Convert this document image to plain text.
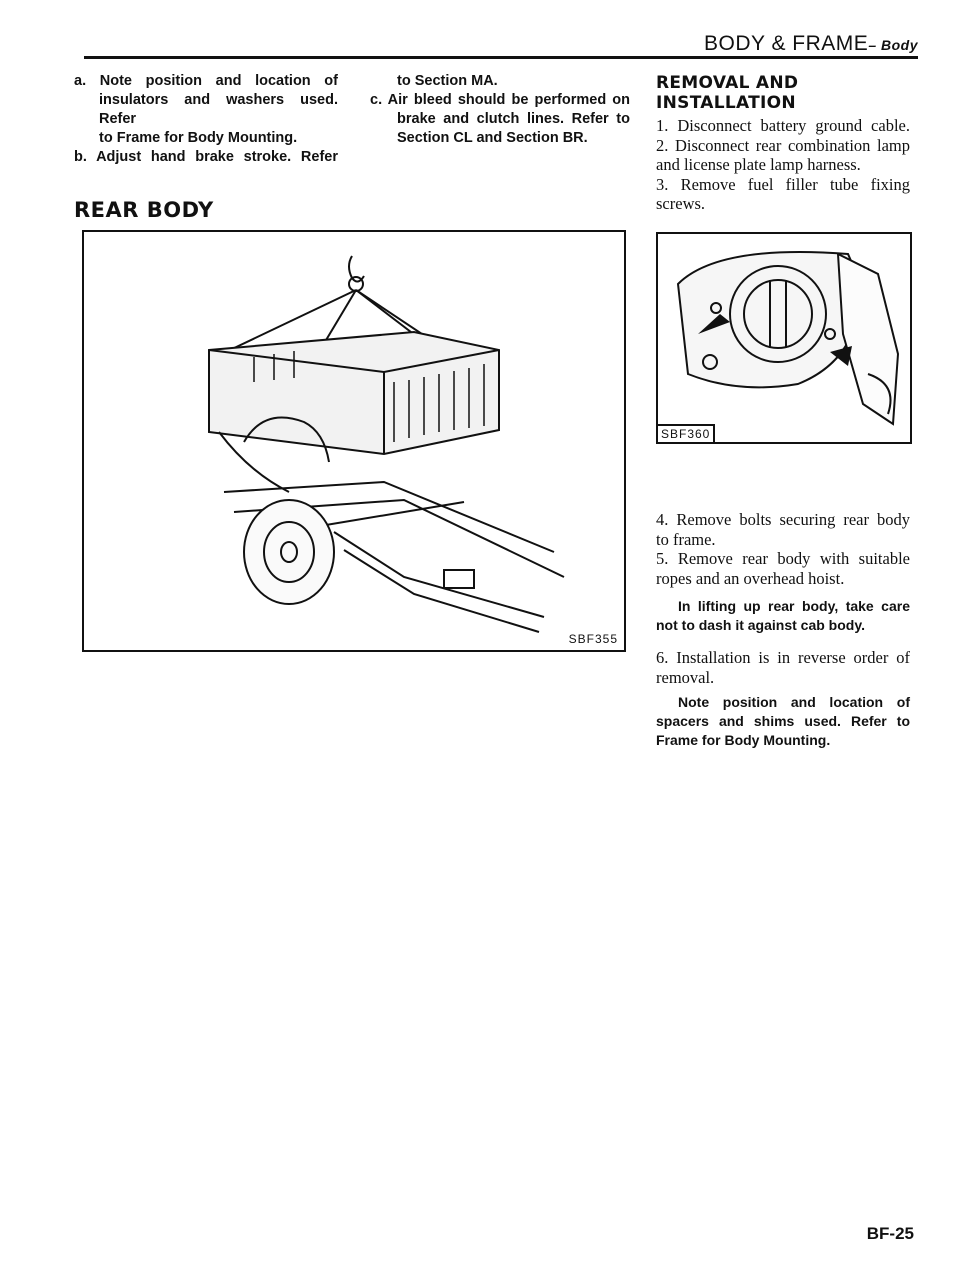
BODY & FRAME– Body
a. Note position and location of
insulators and washers used. Refer
to Frame for Body Mounting.
b. Adjust hand brake stroke. Refer
REAR BODY
to Section MA.
c. Air bleed should be performed on
brake and clutch lines. Refer to
Section CL and Section BR.
SBF355
REMOVAL AND
INSTALLATION
1. Disconnect battery ground cable.
2. Disconnect rear combination lamp
and license plate lamp harness.
3. Remove fuel filler tube fixing
screws.
SBF360
4. Remove bolts securing rear body
to frame.
5. Remove rear body with suitable
ropes and an overhead hoist.
In lifting up rear body, take care
not to dash it against cab body.
6. Installation is in reverse order of
removal.
Note position and location of
spacers and shims used. Refer to
Frame for Body Mounting.
BF-25
